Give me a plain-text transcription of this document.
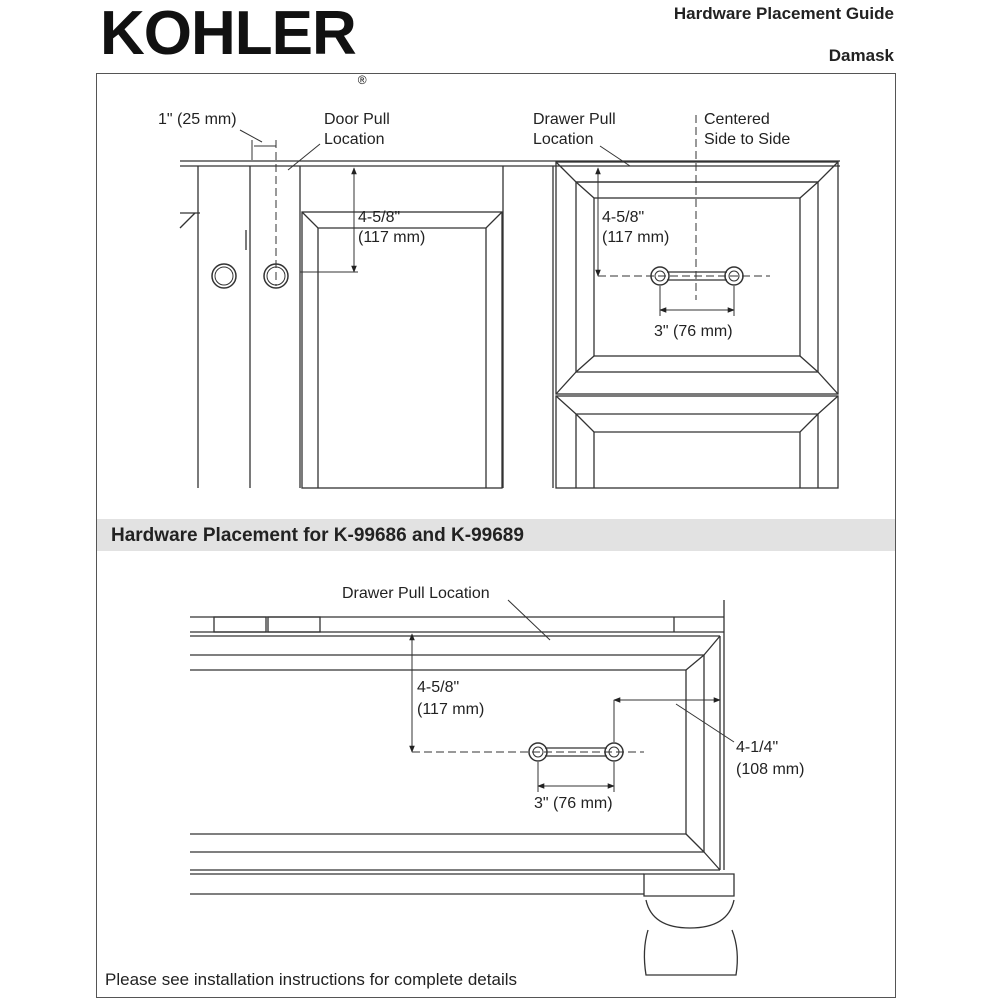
KOHLER®
Hardware Placement Guide
Damask
Hardware Placement for K-99686 and K-99689
1" (25 mm)	Door Pull
Location
4-5/8"
(117 mm)
Drawer Pull
Location
Centered
Side to Side
4-5/8"
(117 mm)
3" (76 mm)
Drawer Pull Location
4-5/8"
(117 mm)
4-1/4"
(108 mm)
3" (76 mm)
Please see installation instructions for complete details
